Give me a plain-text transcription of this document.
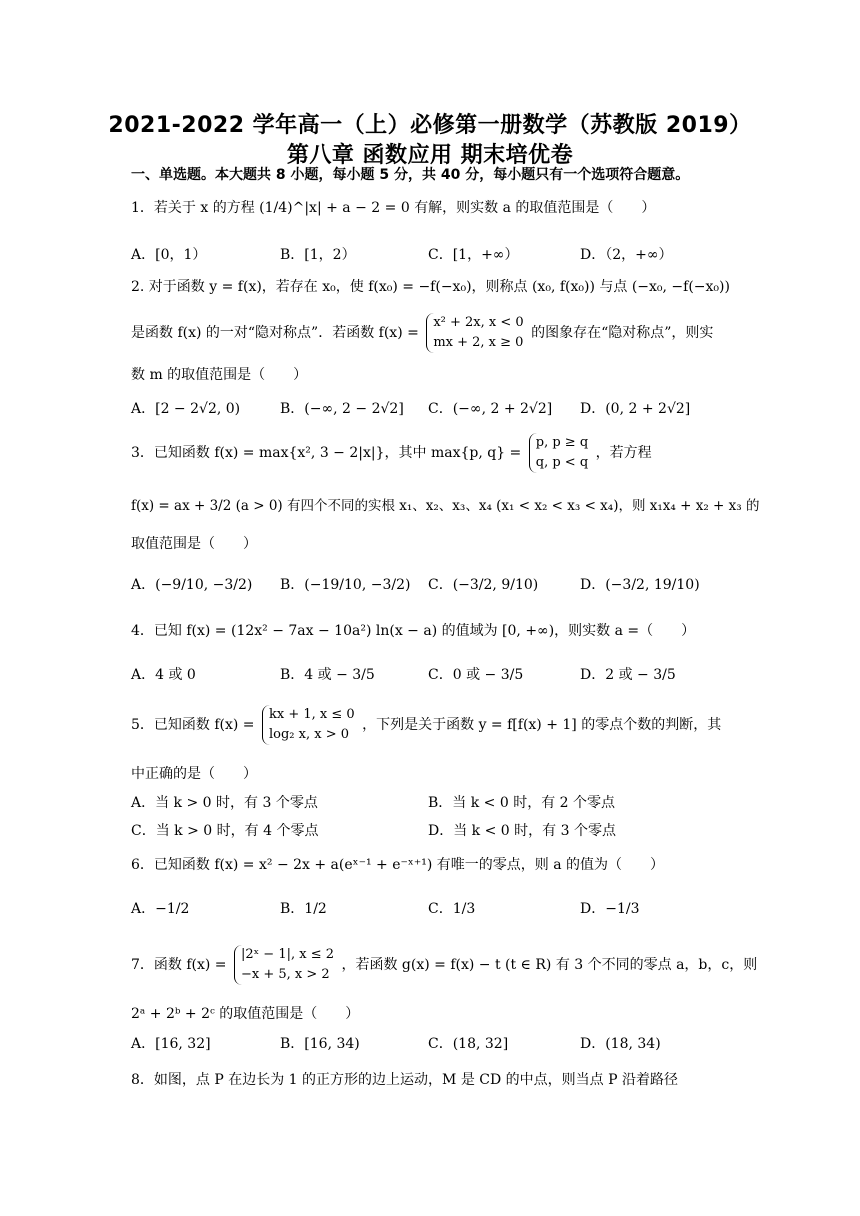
2021-2022 学年高一（上）必修第一册数学（苏教版 2019）
第八章 函数应用 期末培优卷
一、单选题。本大题共 8 小题，每小题 5 分，共 40 分，每小题只有一个选项符合题意。
1．若关于 x 的方程 (1/4)^|x| + a − 2 = 0 有解，则实数 a 的取值范围是（　　）
A．[0，1）	B．[1，2）	C．[1，+∞）	D．（2，+∞）
2. 对于函数 y = f(x)，若存在 x₀，使 f(x₀) = −f(−x₀)，则称点 (x₀, f(x₀)) 与点 (−x₀, −f(−x₀))
是函数 f(x) 的一对“隐对称点”．若函数 f(x) =
x² + 2x, x < 0
mx + 2, x ≥ 0
的图象存在“隐对称点”，则实
数 m 的取值范围是（　　）
A．[2 − 2√2, 0)	B．(−∞, 2 − 2√2] C．(−∞, 2 + 2√2] D．(0, 2 + 2√2]
3．已知函数 f(x) = max{x², 3 − 2|x|}，其中 max{p, q} =
p, p ≥ q
q, p < q
，若方程
f(x) = ax + 3/2 (a > 0) 有四个不同的实根 x₁、x₂、x₃、x₄ (x₁ < x₂ < x₃ < x₄)，则 x₁x₄ + x₂ + x₃ 的
取值范围是（　　）
A．(−9/10, −3/2) B．(−19/10, −3/2) C．(−3/2, 9/10)	D．(−3/2, 19/10)
4．已知 f(x) = (12x² − 7ax − 10a²) ln(x − a) 的值域为 [0, +∞)，则实数 a =（　　）
A．4 或 0	B．4 或 − 3/5	C．0 或 − 3/5	D．2 或 − 3/5
5．已知函数 f(x) =
kx + 1, x ≤ 0
log₂ x, x > 0
，下列是关于函数 y = f[f(x) + 1] 的零点个数的判断，其
中正确的是（　　）
A．当 k > 0 时，有 3 个零点	B．当 k < 0 时，有 2 个零点
C．当 k > 0 时，有 4 个零点	D．当 k < 0 时，有 3 个零点
6．已知函数 f(x) = x² − 2x + a(eˣ⁻¹ + e⁻ˣ⁺¹) 有唯一的零点，则 a 的值为（　　）
A．−1/2	B．1/2	C．1/3	D．−1/3
7．函数 f(x) =
|2ˣ − 1|, x ≤ 2
−x + 5, x > 2
，若函数 g(x) = f(x) − t (t ∈ R) 有 3 个不同的零点 a，b，c，则
2ᵃ + 2ᵇ + 2ᶜ 的取值范围是（　　）
A．[16, 32]	B．[16, 34)	C．(18, 32]	D．(18, 34)
8．如图，点 P 在边长为 1 的正方形的边上运动，M 是 CD 的中点，则当点 P 沿着路径
